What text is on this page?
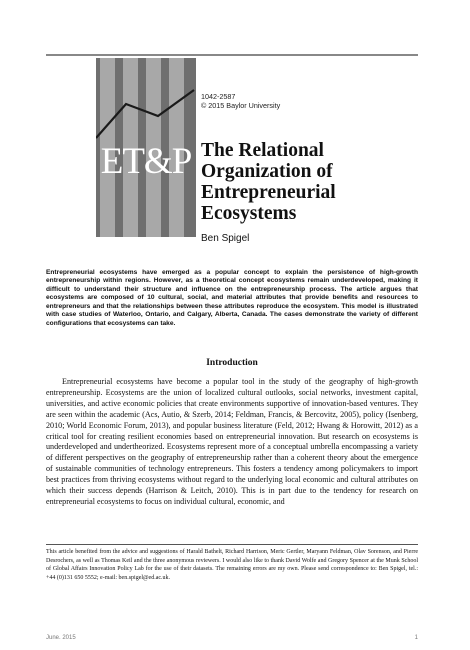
ET&P
1042-2587
© 2015 Baylor University
The Relational
Organization of
Entrepreneurial
Ecosystems
Ben Spigel

Entrepreneurial ecosystems have emerged as a popular concept to explain the persistence of high-growth entrepreneurship within regions. However, as a theoretical concept ecosystems remain underdeveloped, making it difficult to understand their structure and influence on the entrepreneurship process. The article argues that ecosystems are composed of 10 cultural, social, and material attributes that provide benefits and resources to entrepreneurs and that the relationships between these attributes reproduce the ecosystem. This model is illustrated with case studies of Waterloo, Ontario, and Calgary, Alberta, Canada. The cases demonstrate the variety of different configurations that ecosystems can take.

Introduction

Entrepreneurial ecosystems have become a popular tool in the study of the geography of high-growth entrepreneurship. Ecosystems are the union of localized cultural outlooks, social networks, investment capital, universities, and active economic policies that create environments supportive of innovation-based ventures. They are seen within the academic (Acs, Autio, & Szerb, 2014; Feldman, Francis, & Bercovitz, 2005), policy (Isenberg, 2010; World Economic Forum, 2013), and popular business literature (Feld, 2012; Hwang & Horowitt, 2012) as a critical tool for creating resilient economies based on entrepreneurial innovation. But research on ecosystems is underdeveloped and undertheorized. Ecosystems represent more of a conceptual umbrella encompassing a variety of different perspectives on the geography of entrepreneurship rather than a coherent theory about the emergence of sustainable communities of technology entrepreneurs. This fosters a tendency among policymakers to import best practices from thriving ecosystems without regard to the underlying local economic and cultural attributes on which their success depends (Harrison & Leitch, 2010). This is in part due to the tendency for research on entrepreneurial ecosystems to focus on individual cultural, economic, and

This article benefited from the advice and suggestions of Harald Bathelt, Richard Harrison, Meric Gertler, Maryann Feldman, Olav Sorenson, and Pierre Desrochers, as well as Thomas Keil and the three anonymous reviewers. I would also like to thank David Wolfe and Gregory Spencer at the Munk School of Global Affairs Innovation Policy Lab for the use of their datasets. The remaining errors are my own. Please send correspondence to: Ben Spigel, tel.: +44 (0)131 650 5552; e-mail: ben.spigel@ed.ac.uk.

June, 2015	1
